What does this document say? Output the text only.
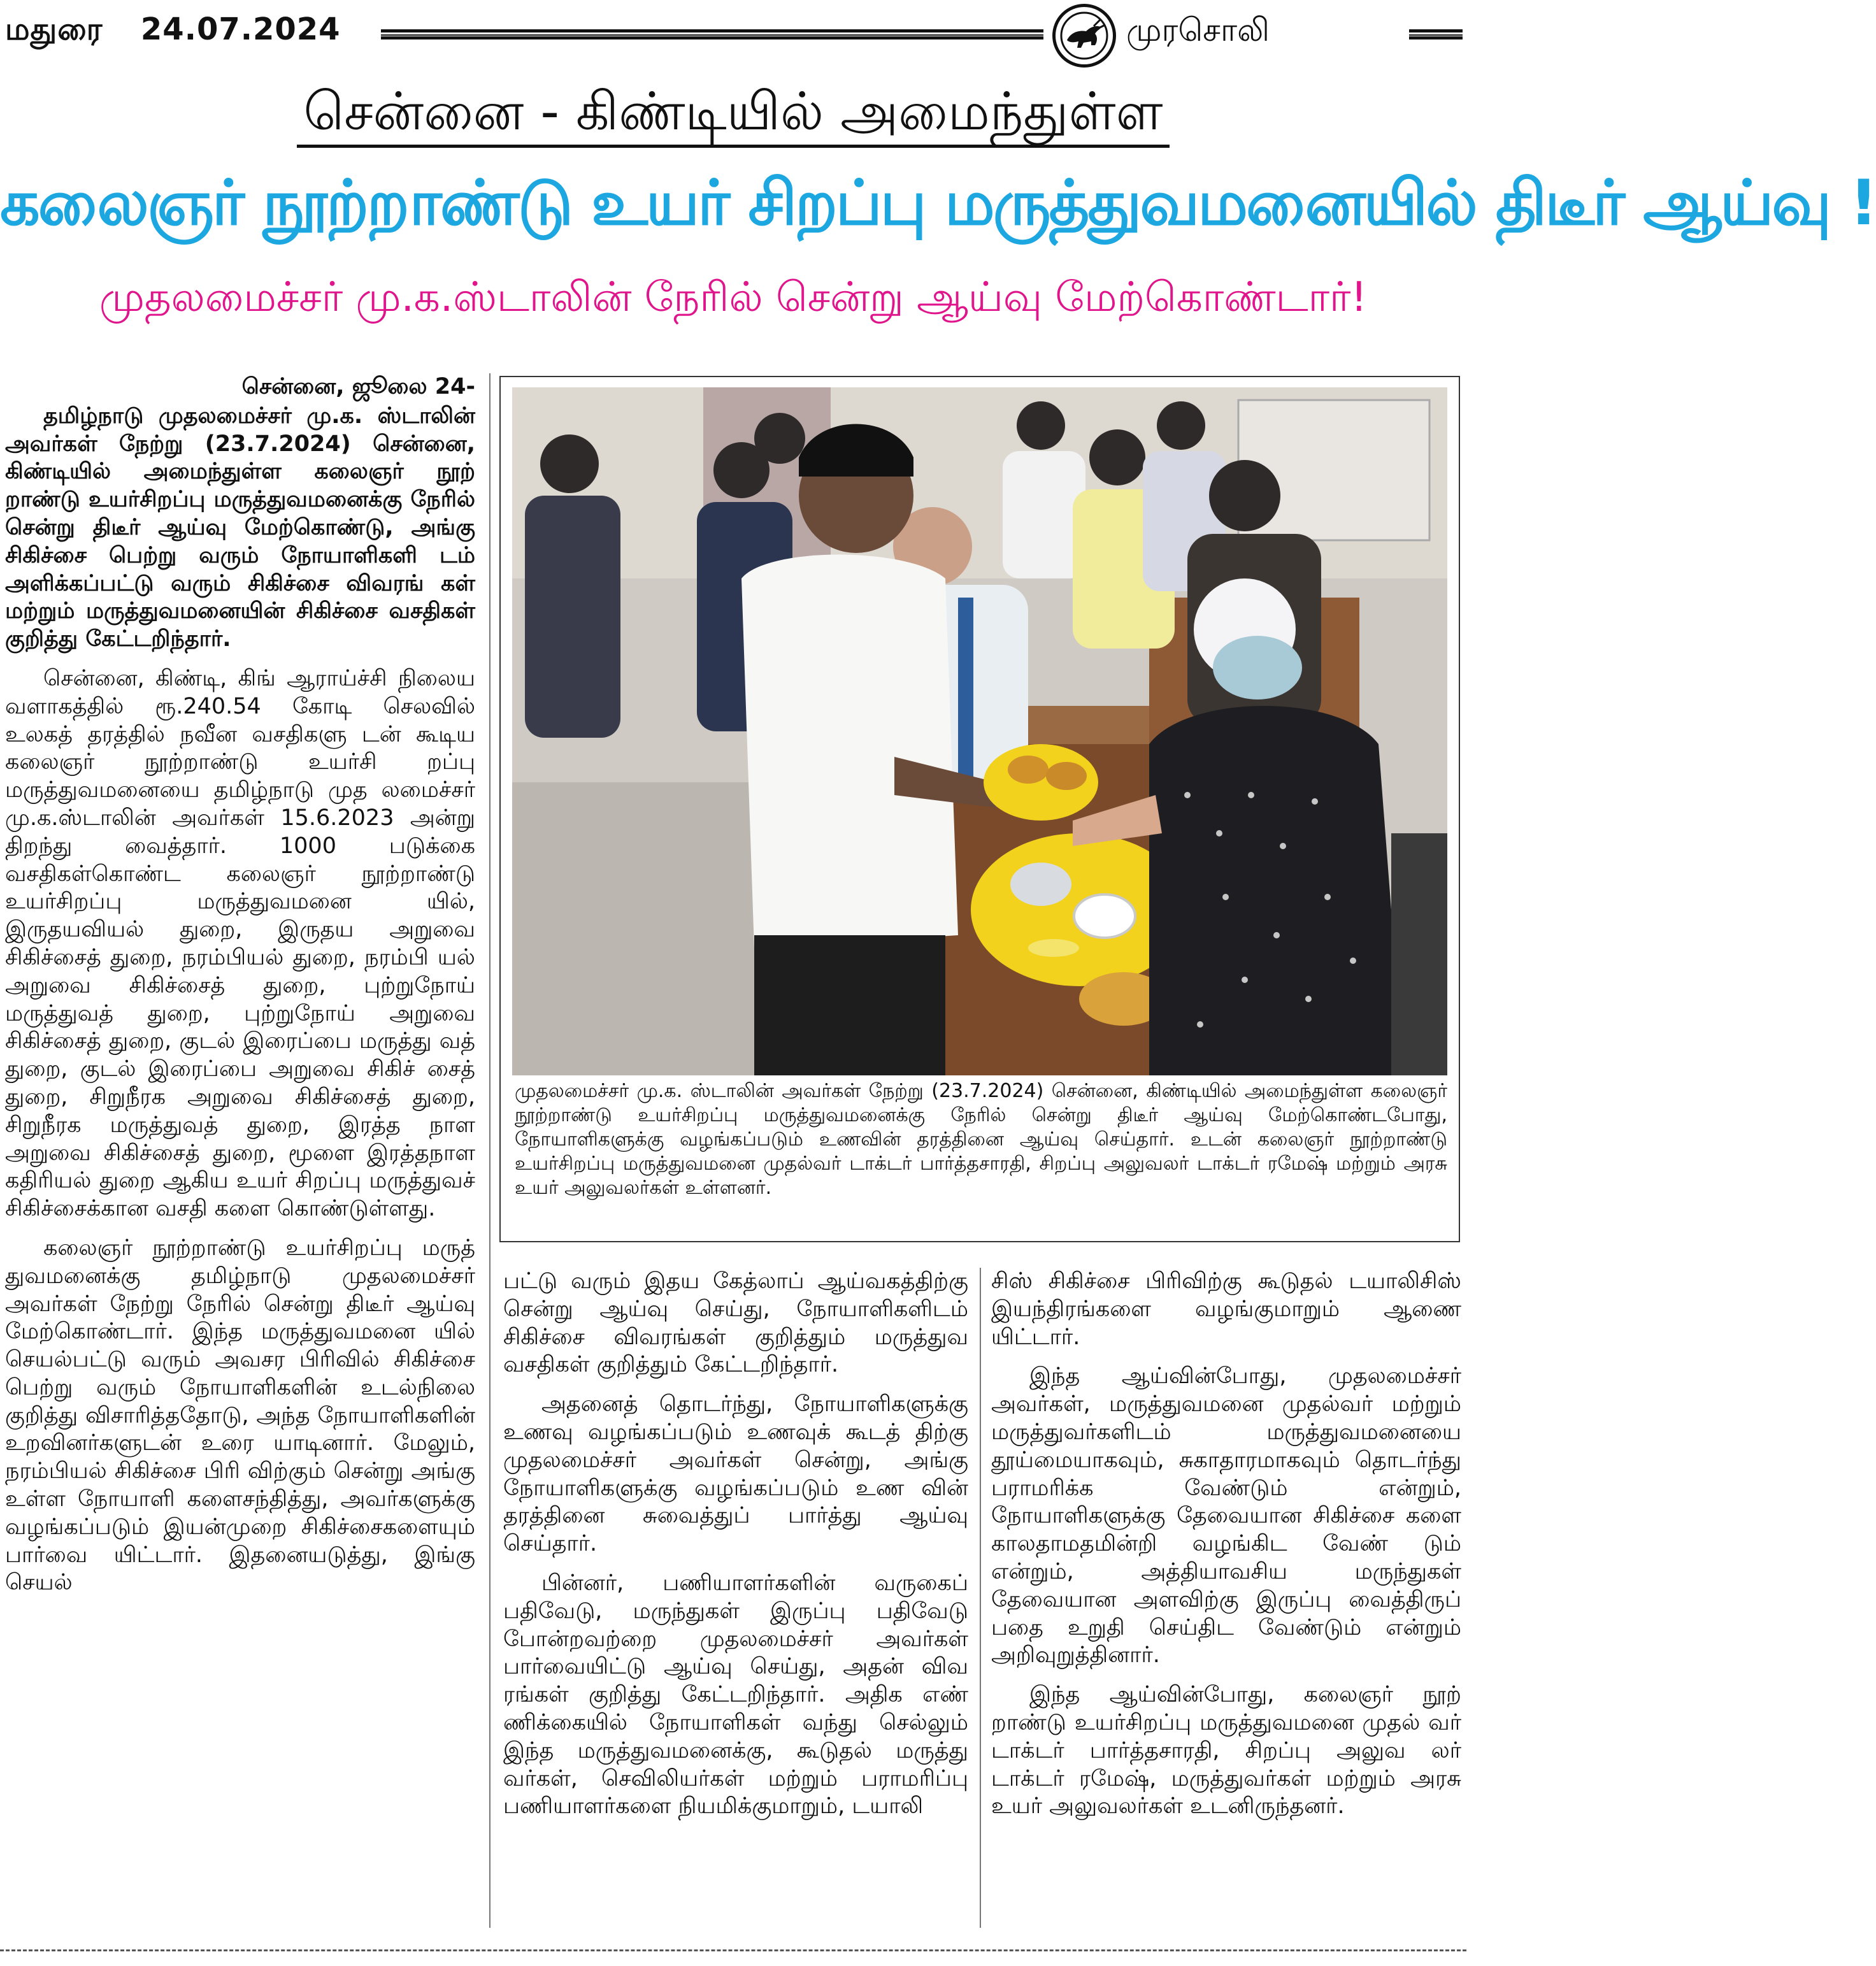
மதுரை 24.07.2024	முரசொலி
சென்னை - கிண்டியில் அமைந்துள்ள
கலைஞர் நூற்றாண்டு உயர் சிறப்பு மருத்துவமனையில் திடீர் ஆய்வு !
முதலமைச்சர் மு.க.ஸ்டாலின் நேரில் சென்று ஆய்வு மேற்கொண்டார்!
சென்னை, ஜூலை 24-

தமிழ்நாடு முதலமைச்சர் மு.க. ஸ்டாலின் அவர்கள் நேற்று (23.7.2024) சென்னை, கிண்டியில் அமைந்துள்ள கலைஞர் நூற் றாண்டு உயர்சிறப்பு மருத்துவமனைக்கு நேரில் சென்று திடீர் ஆய்வு மேற்கொண்டு, அங்கு சிகிச்சை பெற்று வரும் நோயாளிகளி டம் அளிக்கப்பட்டு வரும் சிகிச்சை விவரங் கள் மற்றும் மருத்துவமனையின் சிகிச்சை வசதிகள் குறித்து கேட்டறிந்தார்.

சென்னை, கிண்டி, கிங் ஆராய்ச்சி நிலைய வளாகத்தில் ரூ.240.54 கோடி செலவில் உலகத் தரத்தில் நவீன வசதிகளு டன் கூடிய கலைஞர் நூற்றாண்டு உயர்சி றப்பு மருத்துவமனையை தமிழ்நாடு முத லமைச்சர் மு.க.ஸ்டாலின் அவர்கள் 15.6.2023 அன்று திறந்து வைத்தார். 1000 படுக்கை வசதிகள்கொண்ட கலைஞர் நூற்றாண்டு உயர்சிறப்பு மருத்துவமனை யில், இருதயவியல் துறை, இருதய அறுவை சிகிச்சைத் துறை, நரம்பியல் துறை, நரம்பி யல் அறுவை சிகிச்சைத் துறை, புற்றுநோய் மருத்துவத் துறை, புற்றுநோய் அறுவை சிகிச்சைத் துறை, குடல் இரைப்பை மருத்து வத் துறை, குடல் இரைப்பை அறுவை சிகிச் சைத் துறை, சிறுநீரக அறுவை சிகிச்சைத் துறை, சிறுநீரக மருத்துவத் துறை, இரத்த நாள அறுவை சிகிச்சைத் துறை, மூளை இரத்தநாள கதிரியல் துறை ஆகிய உயர் சிறப்பு மருத்துவச் சிகிச்சைக்கான வசதி களை கொண்டுள்ளது.

கலைஞர் நூற்றாண்டு உயர்சிறப்பு மருத் துவமனைக்கு தமிழ்நாடு முதலமைச்சர் அவர்கள் நேற்று நேரில் சென்று திடீர் ஆய்வு மேற்கொண்டார். இந்த மருத்துவமனை யில் செயல்பட்டு வரும் அவசர பிரிவில் சிகிச்சை பெற்று வரும் நோயாளிகளின் உடல்நிலை குறித்து விசாரித்ததோடு, அந்த நோயாளிகளின் உறவினர்களுடன் உரை யாடினார். மேலும், நரம்பியல் சிகிச்சை பிரி விற்கும் சென்று அங்கு உள்ள நோயாளி களைசந்தித்து, அவர்களுக்கு வழங்கப்படும் இயன்முறை சிகிச்சைகளையும் பார்வை யிட்டார். இதனையடுத்து, இங்கு செயல்

முதலமைச்சர் மு.க. ஸ்டாலின் அவர்கள் நேற்று (23.7.2024) சென்னை, கிண்டியில் அமைந்துள்ள கலைஞர் நூற்றாண்டு உயர்சிறப்பு மருத்துவமனைக்கு நேரில் சென்று திடீர் ஆய்வு மேற்கொண்டபோது, நோயாளிகளுக்கு வழங்கப்படும் உணவின் தரத்தினை ஆய்வு செய்தார். உடன் கலைஞர் நூற்றாண்டு உயர்சிறப்பு மருத்துவமனை முதல்வர் டாக்டர் பார்த்தசாரதி, சிறப்பு அலுவலர் டாக்டர் ரமேஷ் மற்றும் அரசு உயர் அலுவலர்கள் உள்ளனர்.

பட்டு வரும் இதய கேத்லாப் ஆய்வகத்திற்கு சென்று ஆய்வு செய்து, நோயாளிகளிடம் சிகிச்சை விவரங்கள் குறித்தும் மருத்துவ வசதிகள் குறித்தும் கேட்டறிந்தார்.

அதனைத் தொடர்ந்து, நோயாளிகளுக்கு உணவு வழங்கப்படும் உணவுக் கூடத் திற்கு முதலமைச்சர் அவர்கள் சென்று, அங்கு நோயாளிகளுக்கு வழங்கப்படும் உண வின் தரத்தினை சுவைத்துப் பார்த்து ஆய்வு செய்தார்.

பின்னர், பணியாளர்களின் வருகைப் பதிவேடு, மருந்துகள் இருப்பு பதிவேடு போன்றவற்றை முதலமைச்சர் அவர்கள் பார்வையிட்டு ஆய்வு செய்து, அதன் விவ ரங்கள் குறித்து கேட்டறிந்தார். அதிக எண் ணிக்கையில் நோயாளிகள் வந்து செல்லும் இந்த மருத்துவமனைக்கு, கூடுதல் மருத்து வர்கள், செவிலியர்கள் மற்றும் பராமரிப்பு பணியாளர்களை நியமிக்குமாறும், டயாலி

சிஸ் சிகிச்சை பிரிவிற்கு கூடுதல் டயாலிசிஸ் இயந்திரங்களை வழங்குமாறும் ஆணை யிட்டார்.

இந்த ஆய்வின்போது, முதலமைச்சர் அவர்கள், மருத்துவமனை முதல்வர் மற்றும் மருத்துவர்களிடம் மருத்துவமனையை தூய்மையாகவும், சுகாதாரமாகவும் தொடர்ந்து பராமரிக்க வேண்டும் என்றும், நோயாளிகளுக்கு தேவையான சிகிச்சை களை காலதாமதமின்றி வழங்கிட வேண் டும் என்றும், அத்தியாவசிய மருந்துகள் தேவையான அளவிற்கு இருப்பு வைத்திருப் பதை உறுதி செய்திட வேண்டும் என்றும் அறிவுறுத்தினார்.

இந்த ஆய்வின்போது, கலைஞர் நூற் றாண்டு உயர்சிறப்பு மருத்துவமனை முதல் வர் டாக்டர் பார்த்தசாரதி, சிறப்பு அலுவ லர் டாக்டர் ரமேஷ், மருத்துவர்கள் மற்றும் அரசு உயர் அலுவலர்கள் உடனிருந்தனர்.
